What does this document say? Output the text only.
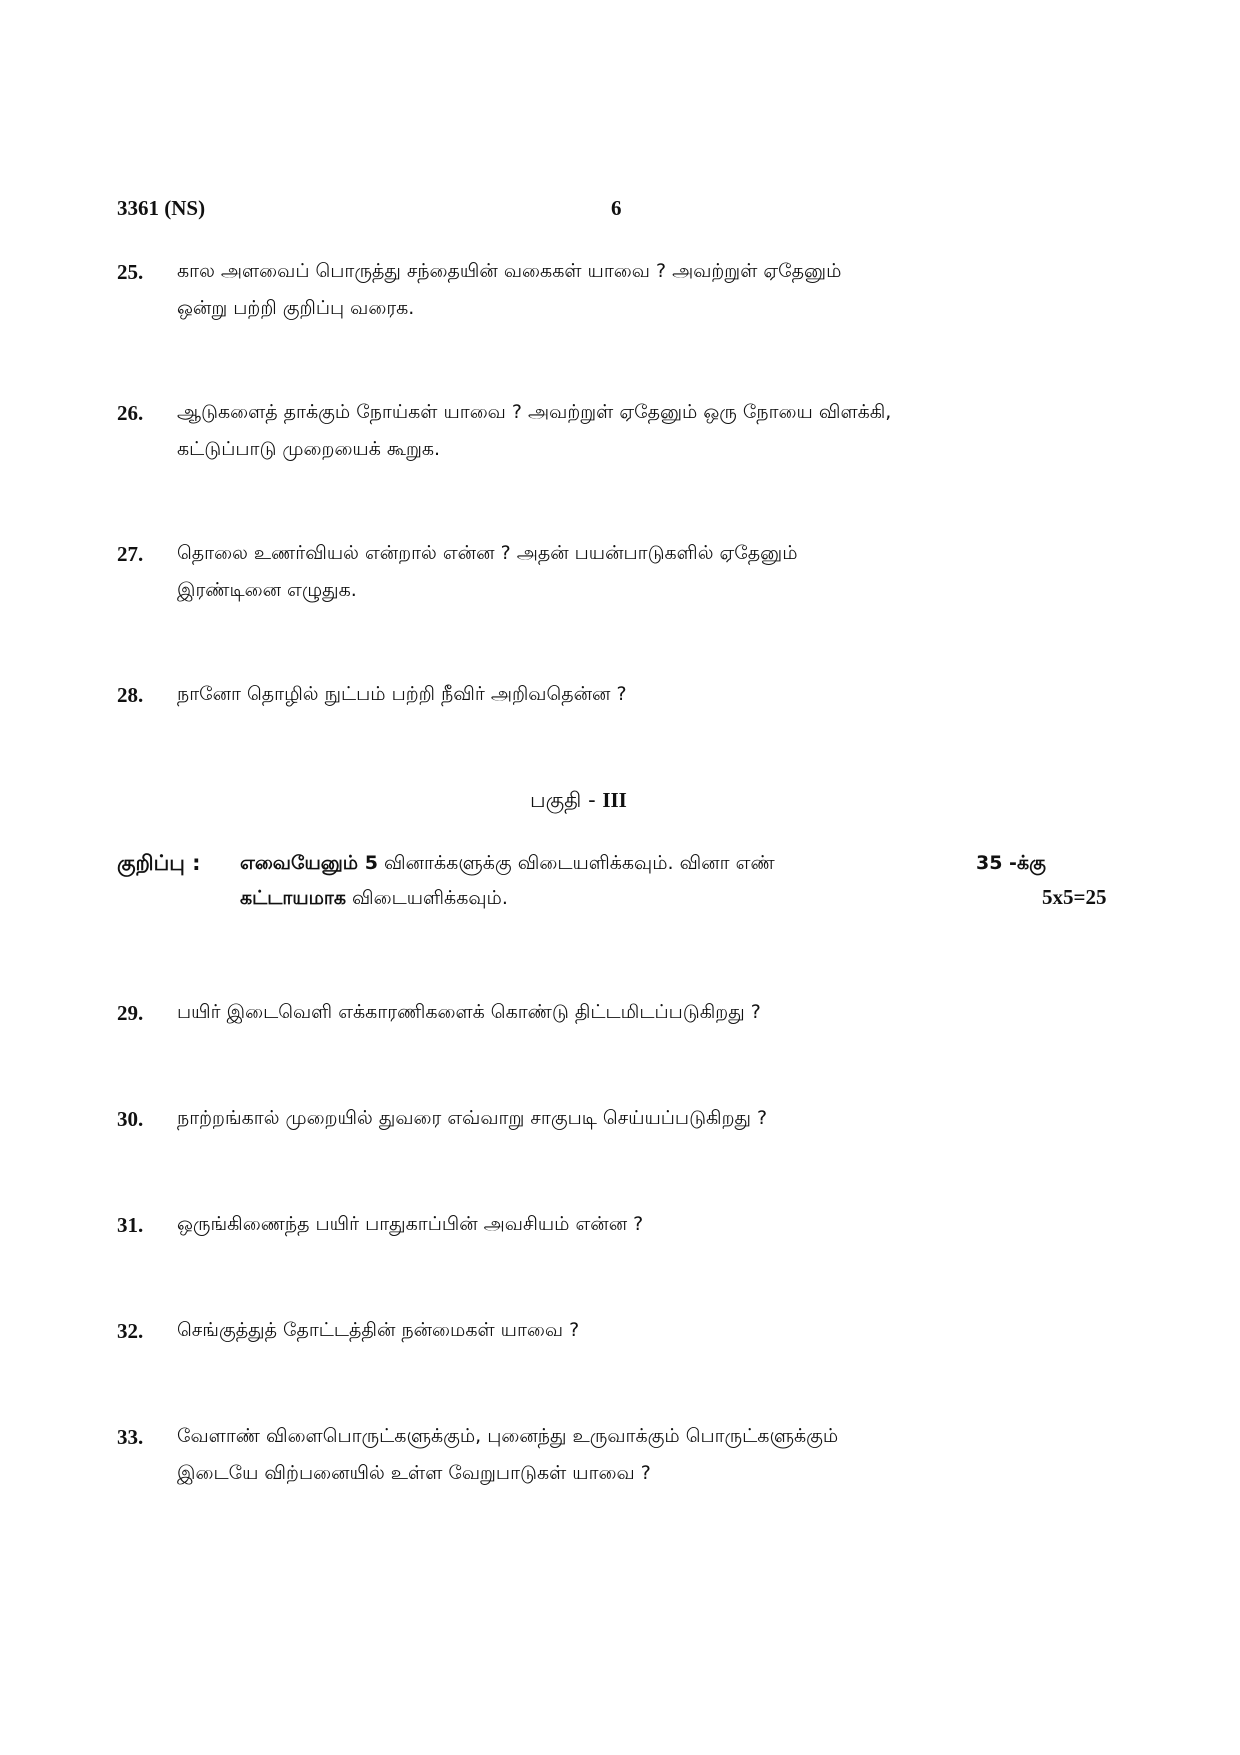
3361 (NS)	6
25. கால அளவைப் பொருத்து சந்தையின் வகைகள் யாவை ? அவற்றுள் ஏதேனும்
ஒன்று பற்றி குறிப்பு வரைக.
26. ஆடுகளைத் தாக்கும் நோய்கள் யாவை ? அவற்றுள் ஏதேனும் ஒரு நோயை விளக்கி,
கட்டுப்பாடு முறையைக் கூறுக.
27. தொலை உணர்வியல் என்றால் என்ன ? அதன் பயன்பாடுகளில் ஏதேனும்
இரண்டினை எழுதுக.
28. நானோ தொழில் நுட்பம் பற்றி நீவிர் அறிவதென்ன ?
பகுதி - III
குறிப்பு : எவையேனும் 5 வினாக்களுக்கு விடையளிக்கவும். வினா எண்	35 -க்கு
கட்டாயமாக விடையளிக்கவும்.	5x5=25
29. பயிர் இடைவெளி எக்காரணிகளைக் கொண்டு திட்டமிடப்படுகிறது ?
30. நாற்றங்கால் முறையில் துவரை எவ்வாறு சாகுபடி செய்யப்படுகிறது ?
31. ஒருங்கிணைந்த பயிர் பாதுகாப்பின் அவசியம் என்ன ?
32. செங்குத்துத் தோட்டத்தின் நன்மைகள் யாவை ?
33. வேளாண் விளைபொருட்களுக்கும், புனைந்து உருவாக்கும் பொருட்களுக்கும்
இடையே விற்பனையில் உள்ள வேறுபாடுகள் யாவை ?
